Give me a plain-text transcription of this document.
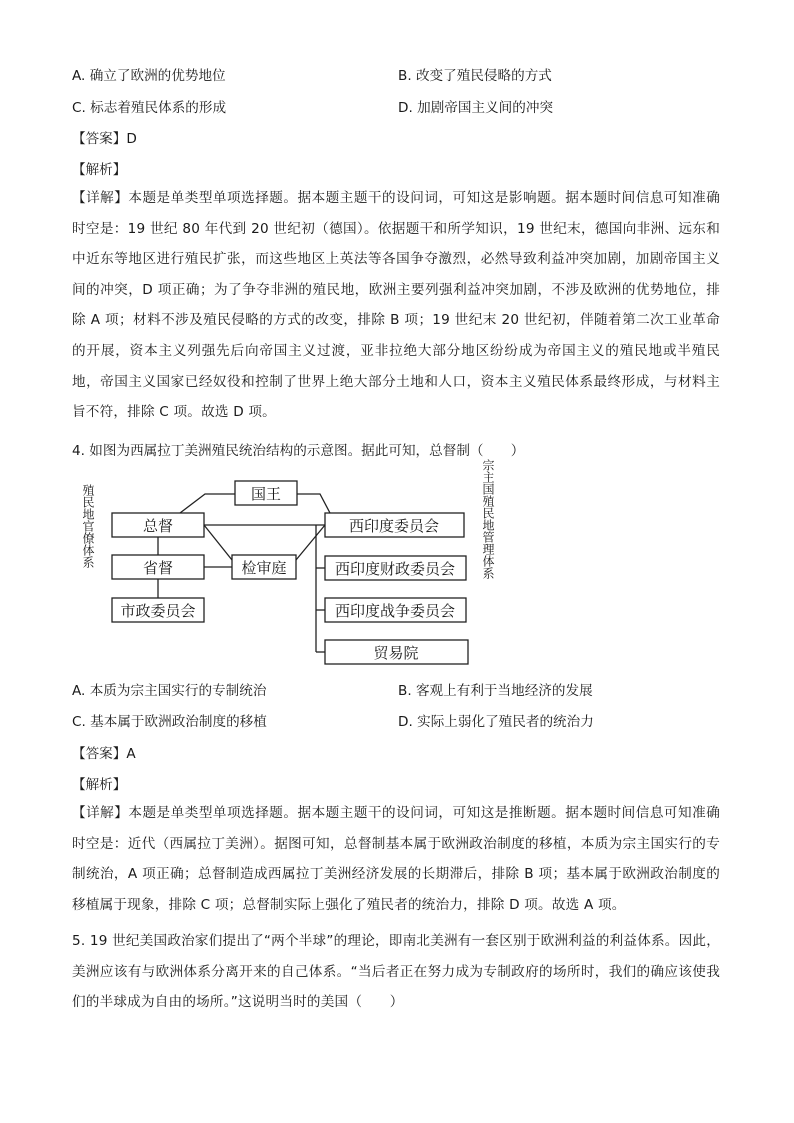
A. 确立了欧洲的优势地位	B. 改变了殖民侵略的方式
C. 标志着殖民体系的形成	D. 加剧帝国主义间的冲突
【答案】D
【解析】
【详解】本题是单类型单项选择题。据本题主题干的设问词，可知这是影响题。据本题时间信息可知准确时空是：19 世纪 80 年代到 20 世纪初（德国）。依据题干和所学知识，19 世纪末，德国向非洲、远东和中近东等地区进行殖民扩张，而这些地区上英法等各国争夺激烈，必然导致利益冲突加剧，加剧帝国主义间的冲突，D 项正确；为了争夺非洲的殖民地，欧洲主要列强利益冲突加剧，不涉及欧洲的优势地位，排除 A 项；材料不涉及殖民侵略的方式的改变，排除 B 项；19 世纪末 20 世纪初，伴随着第二次工业革命的开展，资本主义列强先后向帝国主义过渡，亚非拉绝大部分地区纷纷成为帝国主义的殖民地或半殖民地，帝国主义国家已经奴役和控制了世界上绝大部分土地和人口，资本主义殖民体系最终形成，与材料主旨不符，排除 C 项。故选 D 项。
4. 如图为西属拉丁美洲殖民统治结构的示意图。据此可知，总督制（　　）
国王
总督
省督
市政委员会
检审庭
西印度委员会
西印度财政委员会
西印度战争委员会
贸易院
殖民地官僚体系	宗主国殖民地管理体系
A. 本质为宗主国实行的专制统治	B. 客观上有利于当地经济的发展
C. 基本属于欧洲政治制度的移植	D. 实际上弱化了殖民者的统治力
【答案】A
【解析】
【详解】本题是单类型单项选择题。据本题主题干的设问词，可知这是推断题。据本题时间信息可知准确时空是：近代（西属拉丁美洲）。据图可知，总督制基本属于欧洲政治制度的移植，本质为宗主国实行的专制统治，A 项正确；总督制造成西属拉丁美洲经济发展的长期滞后，排除 B 项；基本属于欧洲政治制度的移植属于现象，排除 C 项；总督制实际上强化了殖民者的统治力，排除 D 项。故选 A 项。
5. 19 世纪美国政治家们提出了“两个半球”的理论，即南北美洲有一套区别于欧洲利益的利益体系。因此，美洲应该有与欧洲体系分离开来的自己体系。“当后者正在努力成为专制政府的场所时，我们的确应该使我们的半球成为自由的场所。”这说明当时的美国（　　）
